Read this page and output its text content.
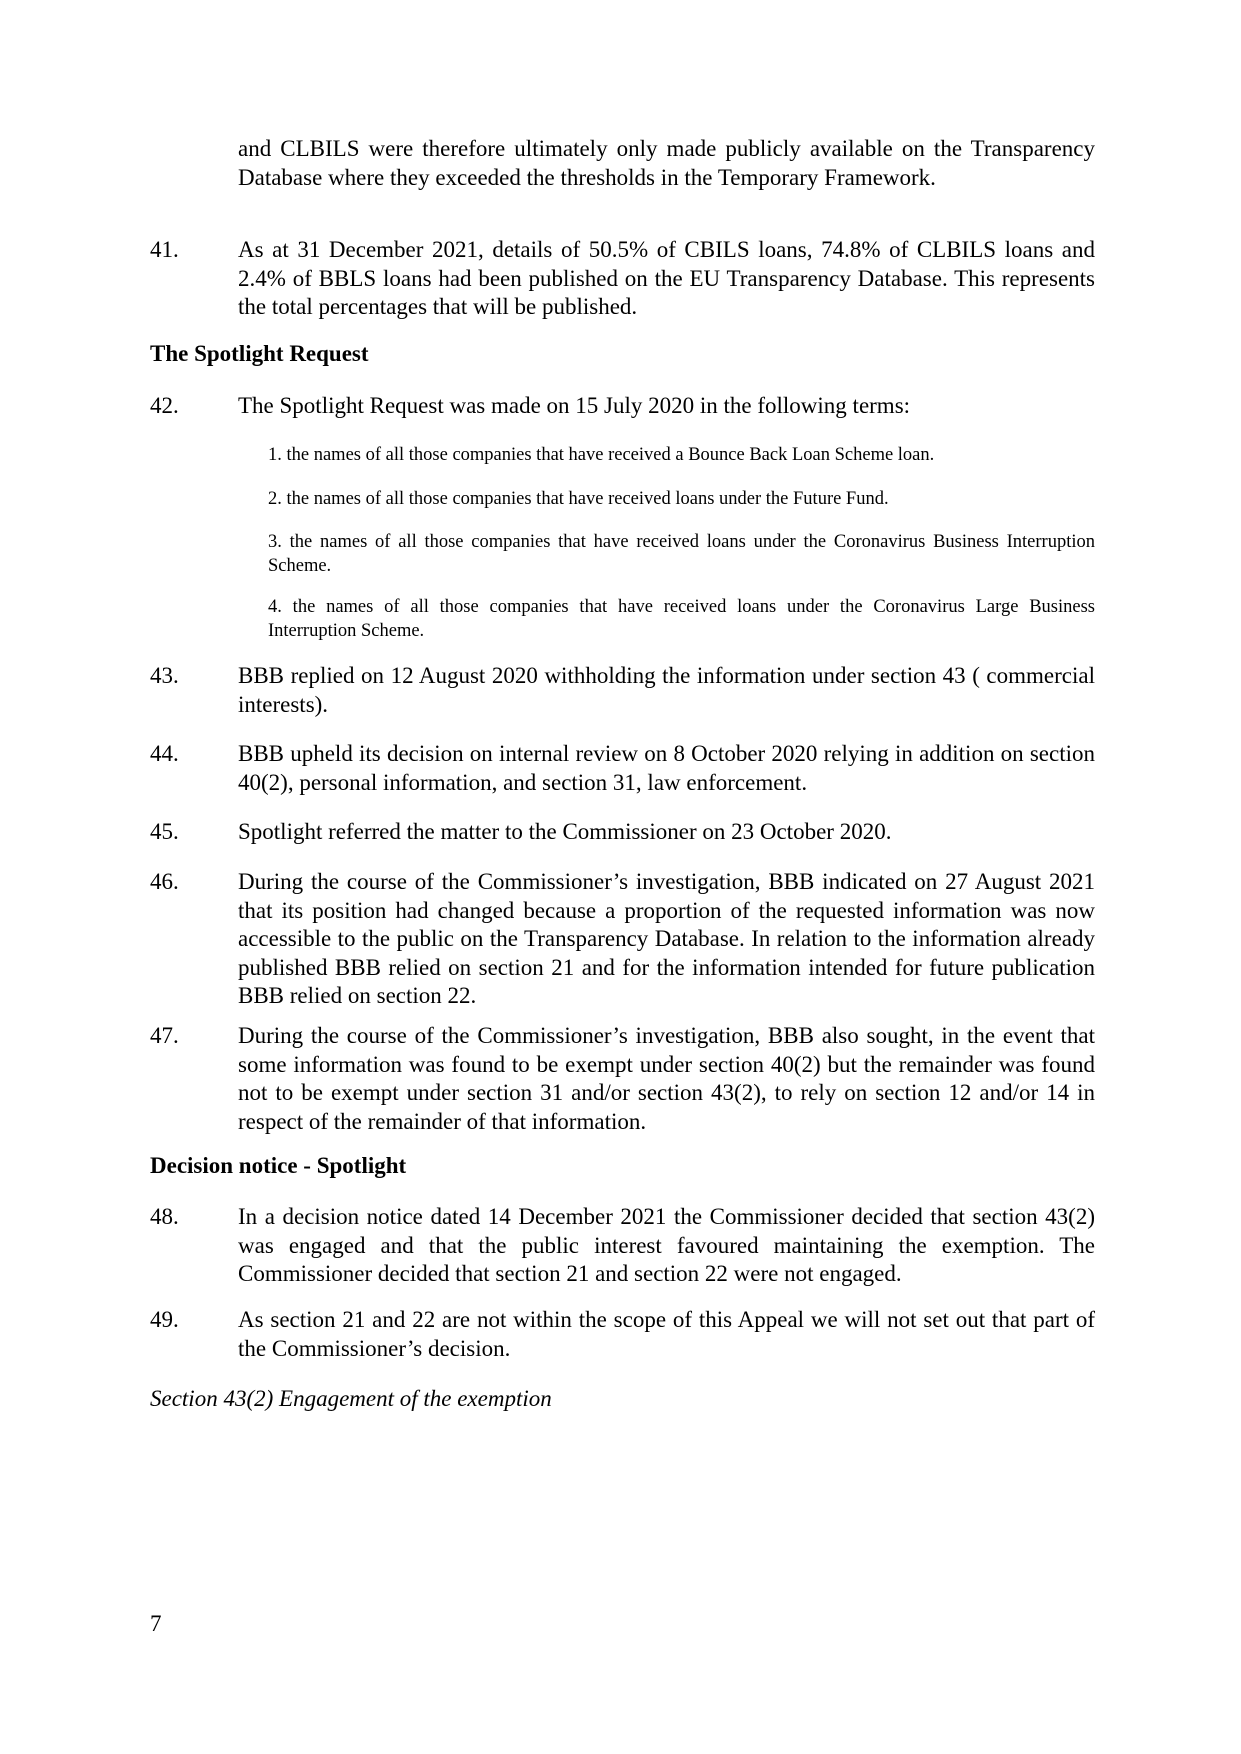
and CLBILS were therefore ultimately only made publicly available on the Transparency Database where they exceeded the thresholds in the Temporary Framework.
41.	As at 31 December 2021, details of 50.5% of CBILS loans, 74.8% of CLBILS loans and 2.4% of BBLS loans had been published on the EU Transparency Database. This represents the total percentages that will be published.
The Spotlight Request
42.	The Spotlight Request was made on 15 July 2020 in the following terms:
1. the names of all those companies that have received a Bounce Back Loan Scheme loan.
2. the names of all those companies that have received loans under the Future Fund.
3. the names of all those companies that have received loans under the Coronavirus Business Interruption Scheme.
4. the names of all those companies that have received loans under the Coronavirus Large Business Interruption Scheme.
43.	BBB replied on 12 August 2020 withholding the information under section 43 ( commercial interests).
44.	BBB upheld its decision on internal review on 8 October 2020 relying in addition on section 40(2), personal information, and section 31, law enforcement.
45.	Spotlight referred the matter to the Commissioner on 23 October 2020.
46.	During the course of the Commissioner’s investigation, BBB indicated on 27 August 2021 that its position had changed because a proportion of the requested information was now accessible to the public on the Transparency Database. In relation to the information already published BBB relied on section 21 and for the information intended for future publication BBB relied on section 22.
47.	During the course of the Commissioner’s investigation, BBB also sought, in the event that some information was found to be exempt under section 40(2) but the remainder was found not to be exempt under section 31 and/or section 43(2), to rely on section 12 and/or 14 in respect of the remainder of that information.
Decision notice - Spotlight
48.	In a decision notice dated 14 December 2021 the Commissioner decided that section 43(2) was engaged and that the public interest favoured maintaining the exemption. The Commissioner decided that section 21 and section 22 were not engaged.
49.	As section 21 and 22 are not within the scope of this Appeal we will not set out that part of the Commissioner’s decision.
Section 43(2) Engagement of the exemption
7
